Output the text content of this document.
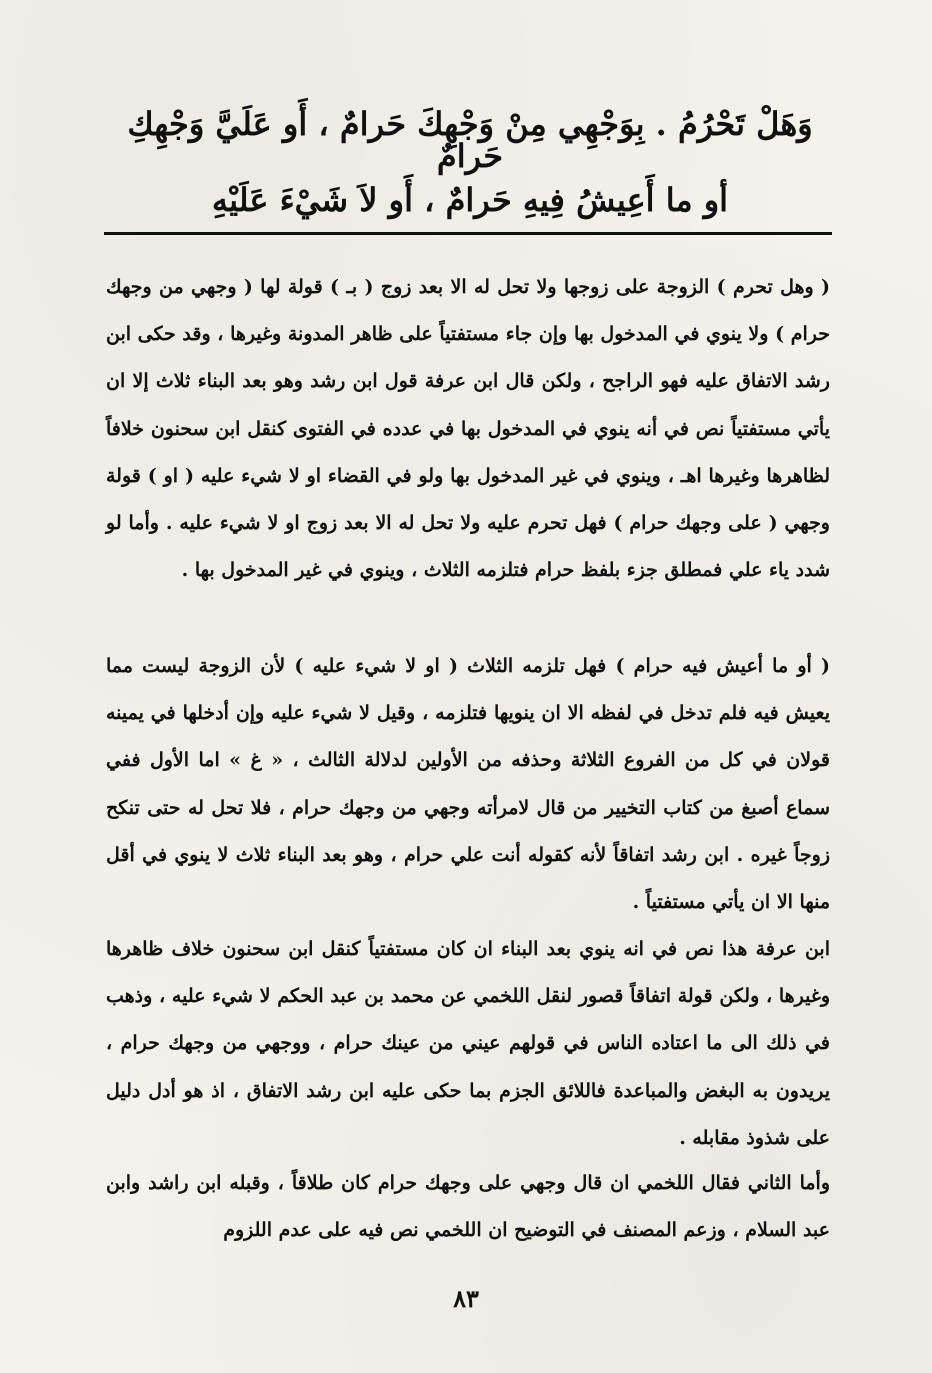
وَهَلْ تَحْرُمُ . بِوَجْهِي مِنْ وَجْهِكَ حَرامٌ ، أَو عَلَيَّ وَجْهِكِ حَرامٌ
أو ما أَعِيشُ فِيهِ حَرامٌ ، أَو لاَ شَيْءَ عَلَيْهِ
( وهل تحرم ) الزوجة على زوجها ولا تحل له الا بعد زوج ( بـ ) قولة لها ( وجهي من وجهك حرام ) ولا ينوي في المدخول بها وإن جاء مستفتياً على ظاهر المدونة وغيرها ، وقد حكى ابن رشد الاتفاق عليه فهو الراجح ، ولكن قال ابن عرفة قول ابن رشد وهو بعد البناء ثلاث إلا ان يأتي مستفتياً نص في أنه ينوي في المدخول بها في عدده في الفتوى كنقل ابن سحنون خلافاً لظاهرها وغيرها اهـ ، وينوي في غير المدخول بها ولو في القضاء او لا شيء عليه ( او ) قولة وجهي ( على وجهك حرام ) فهل تحرم عليه ولا تحل له الا بعد زوج او لا شيء عليه . وأما لو شدد ياء علي فمطلق جزء بلفظ حرام فتلزمه الثلاث ، وينوي في غير المدخول بها .
( أو ما أعيش فيه حرام ) فهل تلزمه الثلاث ( او لا شيء عليه ) لأن الزوجة ليست مما يعيش فيه فلم تدخل في لفظه الا ان ينويها فتلزمه ، وقيل لا شيء عليه وإن أدخلها في يمينه قولان في كل من الفروع الثلاثة وحذفه من الأولين لدلالة الثالث ، « غ » اما الأول ففي سماع أصبغ من كتاب التخيير من قال لامرأته وجهي من وجهك حرام ، فلا تحل له حتى تنكح زوجاً غيره . ابن رشد اتفاقاً لأنه كقوله أنت علي حرام ، وهو بعد البناء ثلاث لا ينوي في أقل منها الا ان يأتي مستفتياً .
ابن عرفة هذا نص في انه ينوي بعد البناء ان كان مستفتياً كنقل ابن سحنون خلاف ظاهرها وغيرها ، ولكن قولة اتفاقاً قصور لنقل اللخمي عن محمد بن عبد الحكم لا شيء عليه ، وذهب في ذلك الى ما اعتاده الناس في قولهم عيني من عينك حرام ، ووجهي من وجهك حرام ، يريدون به البغض والمباعدة فاللائق الجزم بما حكى عليه ابن رشد الاتفاق ، اذ هو أدل دليل على شذوذ مقابله .
وأما الثاني فقال اللخمي ان قال وجهي على وجهك حرام كان طلاقاً ، وقبله ابن راشد وابن عبد السلام ، وزعم المصنف في التوضيح ان اللخمي نص فيه على عدم اللزوم
٨٣
